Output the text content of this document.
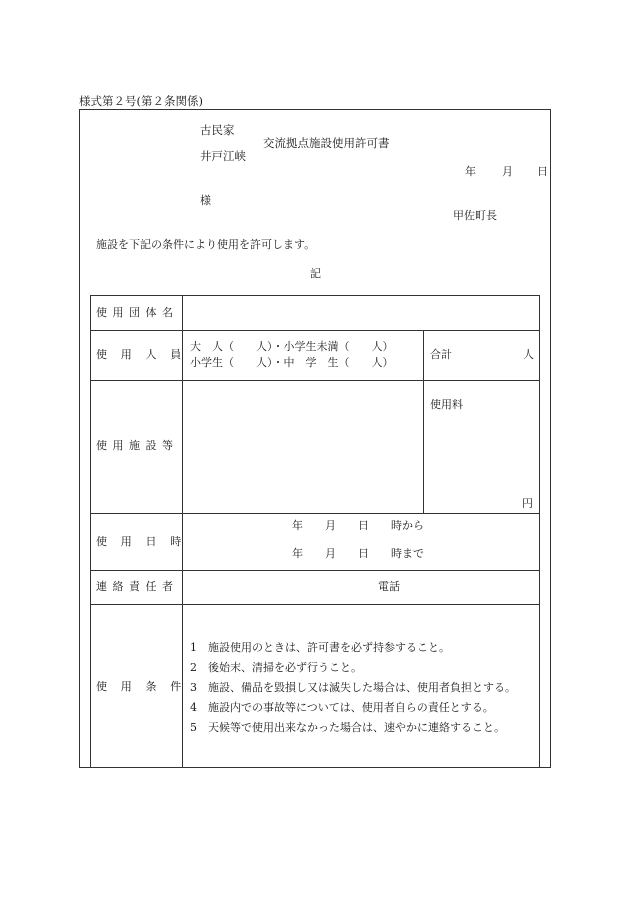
様式第２号(第２条関係)
古民家
交流拠点施設使用許可書
井戸江峡
年 月 日
様
甲佐町長
施設を下記の条件により使用を許可します。
記
使用団体名
使用人員
大　人（　　人）・小学生未満（　　人）
小学生（　　人）・中　学　生（　　人）
合計	人
使用施設等
使用料
円
使用日時
年　　月　　日　　時から
年　　月　　日　　時まで
連絡責任者	電話
使用条件
1　施設使用のときは、許可書を必ず持参すること。
2　後始末、清掃を必ず行うこと。
3　施設、備品を毀損し又は滅失した場合は、使用者負担とする。
4　施設内での事故等については、使用者自らの責任とする。
5　天候等で使用出来なかった場合は、速やかに連絡すること。
